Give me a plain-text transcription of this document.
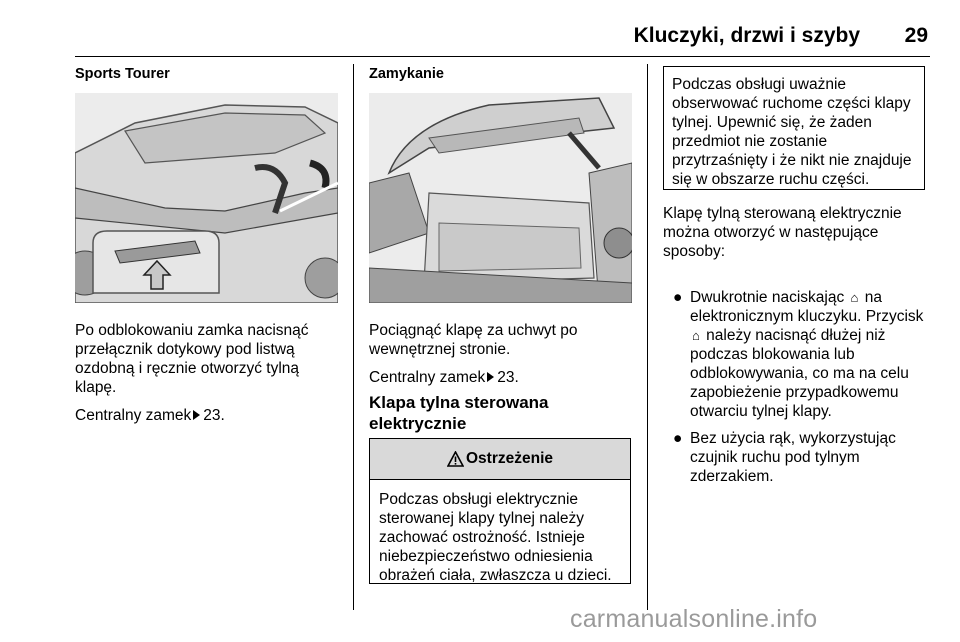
Kluczyki, drzwi i szyby	29
Sports Tourer

Po odblokowaniu zamka nacisnąć przełącznik dotykowy pod listwą ozdobną i ręcznie otworzyć tylną klapę.

Centralny zamek 23.

Zamykanie

Pociągnąć klapę za uchwyt po wewnętrznej stronie.

Centralny zamek 23.

Klapa tylna sterowana
elektrycznie
Ostrzeżenie
Podczas obsługi elektrycznie sterowanej klapy tylnej należy zachować ostrożność. Istnieje niebezpieczeństwo odniesienia obrażeń ciała, zwłaszcza u dzieci.
Podczas obsługi uważnie obserwować ruchome części klapy tylnej. Upewnić się, że żaden przedmiot nie zostanie przytrzaśnięty i że nikt nie znajduje się w obszarze ruchu części.
Klapę tylną sterowaną elektrycznie można otworzyć w następujące sposoby:
● Dwukrotnie naciskając ⌂ na elektronicznym kluczyku. Przycisk ⌂ należy nacisnąć dłużej niż podczas blokowania lub odblokowywania, co ma na celu zapobieżenie przypadkowemu otwarciu tylnej klapy.
● Bez użycia rąk, wykorzystując czujnik ruchu pod tylnym zderzakiem.
carmanualsonline.info
